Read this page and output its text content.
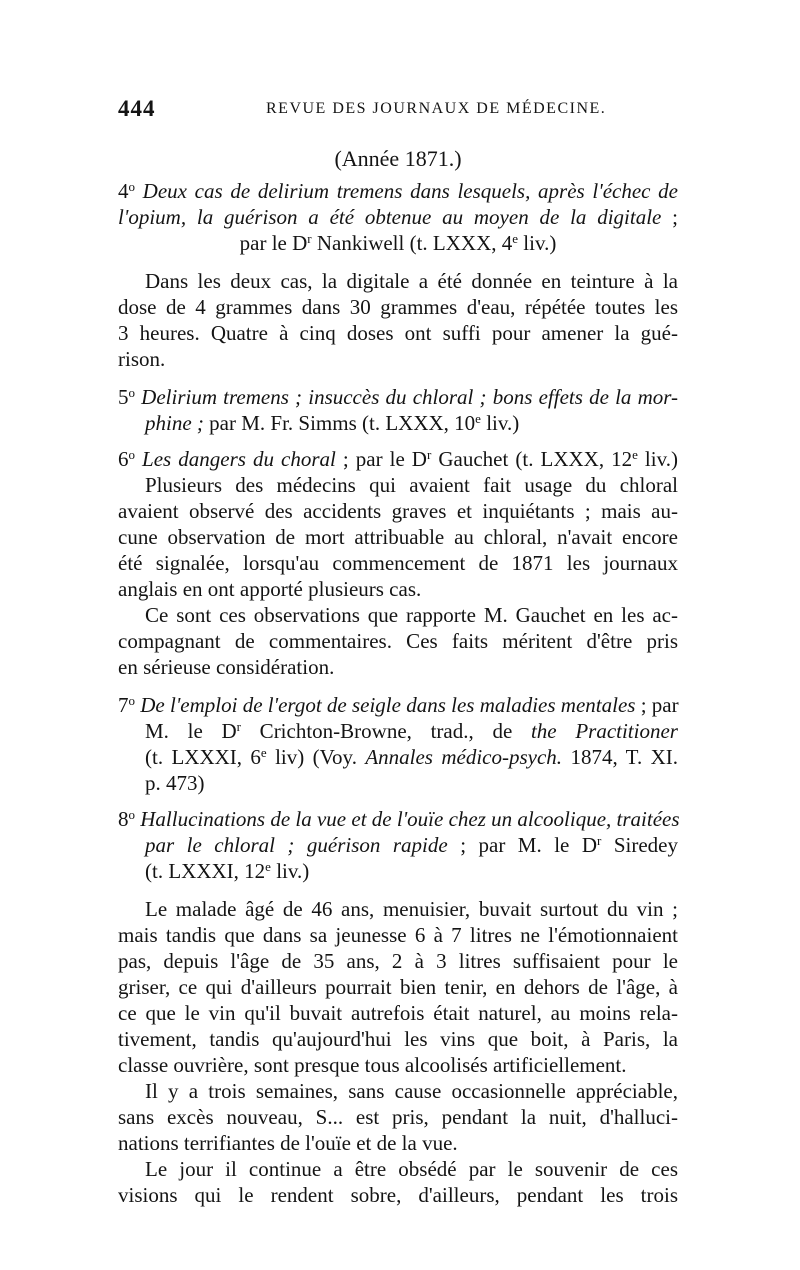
444	REVUE DES JOURNAUX DE MÉDECINE.
(Année 1871.)
4$^o$ Deux cas de delirium tremens dans lesquels, après l'échec de
l'opium, la guérison a été obtenue au moyen de la digitale ;
par le $D^r$ Nankiwell (t. LXXX, 4e liv.)
Dans les deux cas, la digitale a été donnée en teinture à la
dose de 4 grammes dans 30 grammes d'eau, répétée toutes les
3 heures. Quatre à cinq doses ont suffi pour amener la gué-
rison.
5$^o$ Delirium tremens ; insuccès du chloral ; bons effets de la mor-
phine ; par M. Fr. Simms (t. LXXX, 10e liv.)
6$^o$ Les dangers du choral ; par le $D^r$ Gauchet (t. LXXX, 12e liv.)
Plusieurs des médecins qui avaient fait usage du chloral
avaient observé des accidents graves et inquiétants ; mais au-
cune observation de mort attribuable au chloral, n'avait encore
été signalée, lorsqu'au commencement de 1871 les journaux
anglais en ont apporté plusieurs cas.
Ce sont ces observations que rapporte M. Gauchet en les ac-
compagnant de commentaires. Ces faits méritent d'être pris
en sérieuse considération.
7$^o$ De l'emploi de l'ergot de seigle dans les maladies mentales ; par
M. le $D^r$ Crichton-Browne, trad., de the Practitioner
(t. LXXXI, 6e liv) (Voy. Annales médico-psych. 1874, T. XI.
p. 473)
8$^o$ Hallucinations de la vue et de l'ouïe chez un alcoolique, traitées
par le chloral ; guérison rapide ; par M. le $D^r$ Siredey
(t. LXXXI, 12e liv.)
Le malade âgé de 46 ans, menuisier, buvait surtout du vin ;
mais tandis que dans sa jeunesse 6 à 7 litres ne l'émotionnaient
pas, depuis l'âge de 35 ans, 2 à 3 litres suffisaient pour le
griser, ce qui d'ailleurs pourrait bien tenir, en dehors de l'âge, à
ce que le vin qu'il buvait autrefois était naturel, au moins rela-
tivement, tandis qu'aujourd'hui les vins que boit, à Paris, la
classe ouvrière, sont presque tous alcoolisés artificiellement.
Il y a trois semaines, sans cause occasionnelle appréciable,
sans excès nouveau, S... est pris, pendant la nuit, d'halluci-
nations terrifiantes de l'ouïe et de la vue.
Le jour il continue a être obsédé par le souvenir de ces
visions qui le rendent sobre, d'ailleurs, pendant les trois
